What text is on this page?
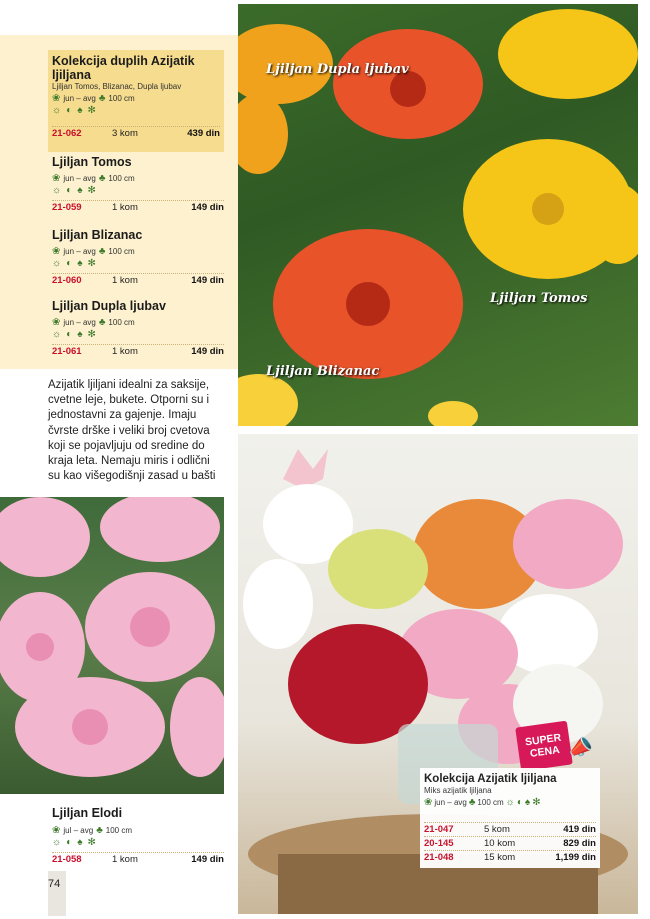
Kolekcija duplih Azijatik ljiljana
Ljiljan Tomos, Blizanac, Dupla ljubav
❀ jun – avg ♣ 100 cm
☼ ◐ ♠ ✻
21-062	3 kom	439 din
Ljiljan Tomos
❀ jun – avg ♣ 100 cm
☼ ◐ ♠ ✻
21-059	1 kom	149 din
Ljiljan Blizanac
❀ jun – avg ♣ 100 cm
☼ ◐ ♠ ✻
21-060	1 kom	149 din
Ljiljan Dupla ljubav
❀ jun – avg ♣ 100 cm
☼ ◐ ♠ ✻
21-061	1 kom	149 din
Azijatik ljiljani idealni za saksije, cvetne leje, bukete. Otporni su i jednostavni za gajenje. Imaju čvrste drške i veliki broj cvetova koji se pojavljuju od sredine do kraja leta. Nemaju miris i odlični su kao višegodišnji zasad u bašti
Ljiljan Dupla ljubav
Ljiljan Tomos
Ljiljan Blizanac
Ljiljan Elodi
❀ jul – avg ♣ 100 cm
☼ ◐ ♠ ✻
21-058	1 kom	149 din
SUPER
CENA 📣
Kolekcija Azijatik ljiljana
Miks azijatik ljiljana
❀ jun – avg ♣ 100 cm ☼ ◐ ♠ ✻
21-047	5 kom	419 din
20-145	10 kom	829 din
21-048	15 kom	1,199 din
74
